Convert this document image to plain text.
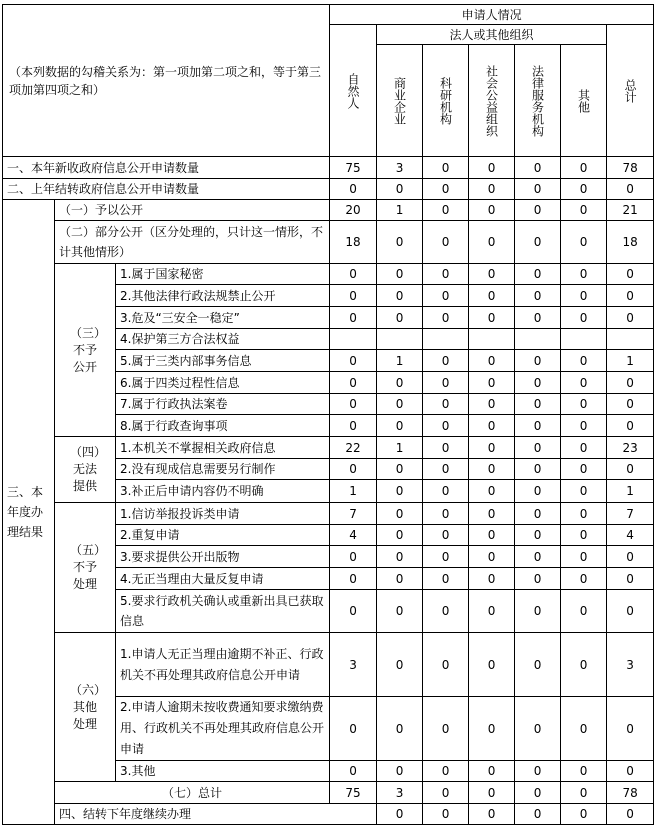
（本列数据的勾稽关系为：第一项加第二项之和，等于第三项加第四项之和）			申请人情况							

			自然人	法人或其他组织					总计	

				商业企业	科研机构	社会公益组织	法律服务机构	其他		

一、本年新收政府信息公开申请数量			75	3	0	0	0	0	78	
二、上年结转政府信息公开申请数量			0	0	0	0	0	0	0	
三、本年度办理结果	（一）予以公开		20	1	0	0	0	0	21	
	（二）部分公开（区分处理的，只计这一情形，不计其他情形）		18	0	0	0	0	0	18	
	（三）不予公开	1.属于国家秘密	0	0	0	0	0	0	0	
		2.其他法律行政法规禁止公开	0	0	0	0	0	0	0	
		3.危及“三安全一稳定”	0	0	0	0	0	0	0	
		4.保护第三方合法权益								
		5.属于三类内部事务信息	0	1	0	0	0	0	1	
		6.属于四类过程性信息	0	0	0	0	0	0	0	
		7.属于行政执法案卷	0	0	0	0	0	0	0	
		8.属于行政查询事项	0	0	0	0	0	0	0	
	（四）无法提供	1.本机关不掌握相关政府信息	22	1	0	0	0	0	23	
		2.没有现成信息需要另行制作	0	0	0	0	0	0	0	
		3.补正后申请内容仍不明确	1	0	0	0	0	0	1	
	（五）不予处理	1.信访举报投诉类申请	7	0	0	0	0	0	7	
		2.重复申请	4	0	0	0	0	0	4	
		3.要求提供公开出版物	0	0	0	0	0	0	0	
		4.无正当理由大量反复申请	0	0	0	0	0	0	0	
		5.要求行政机关确认或重新出具已获取信息	0	0	0	0	0	0	0	
	（六）其他处理	1.申请人无正当理由逾期不补正、行政机关不再处理其政府信息公开申请	3	0	0	0	0	0	3	
		2.申请人逾期未按收费通知要求缴纳费用、行政机关不再处理其政府信息公开申请	0	0	0	0	0	0	0	
		3.其他	0	0	0	0	0	0	0	
	（七）总计		75	3	0	0	0	0	78	
	四、结转下年度继续办理			0	0	0	0	0	0	
